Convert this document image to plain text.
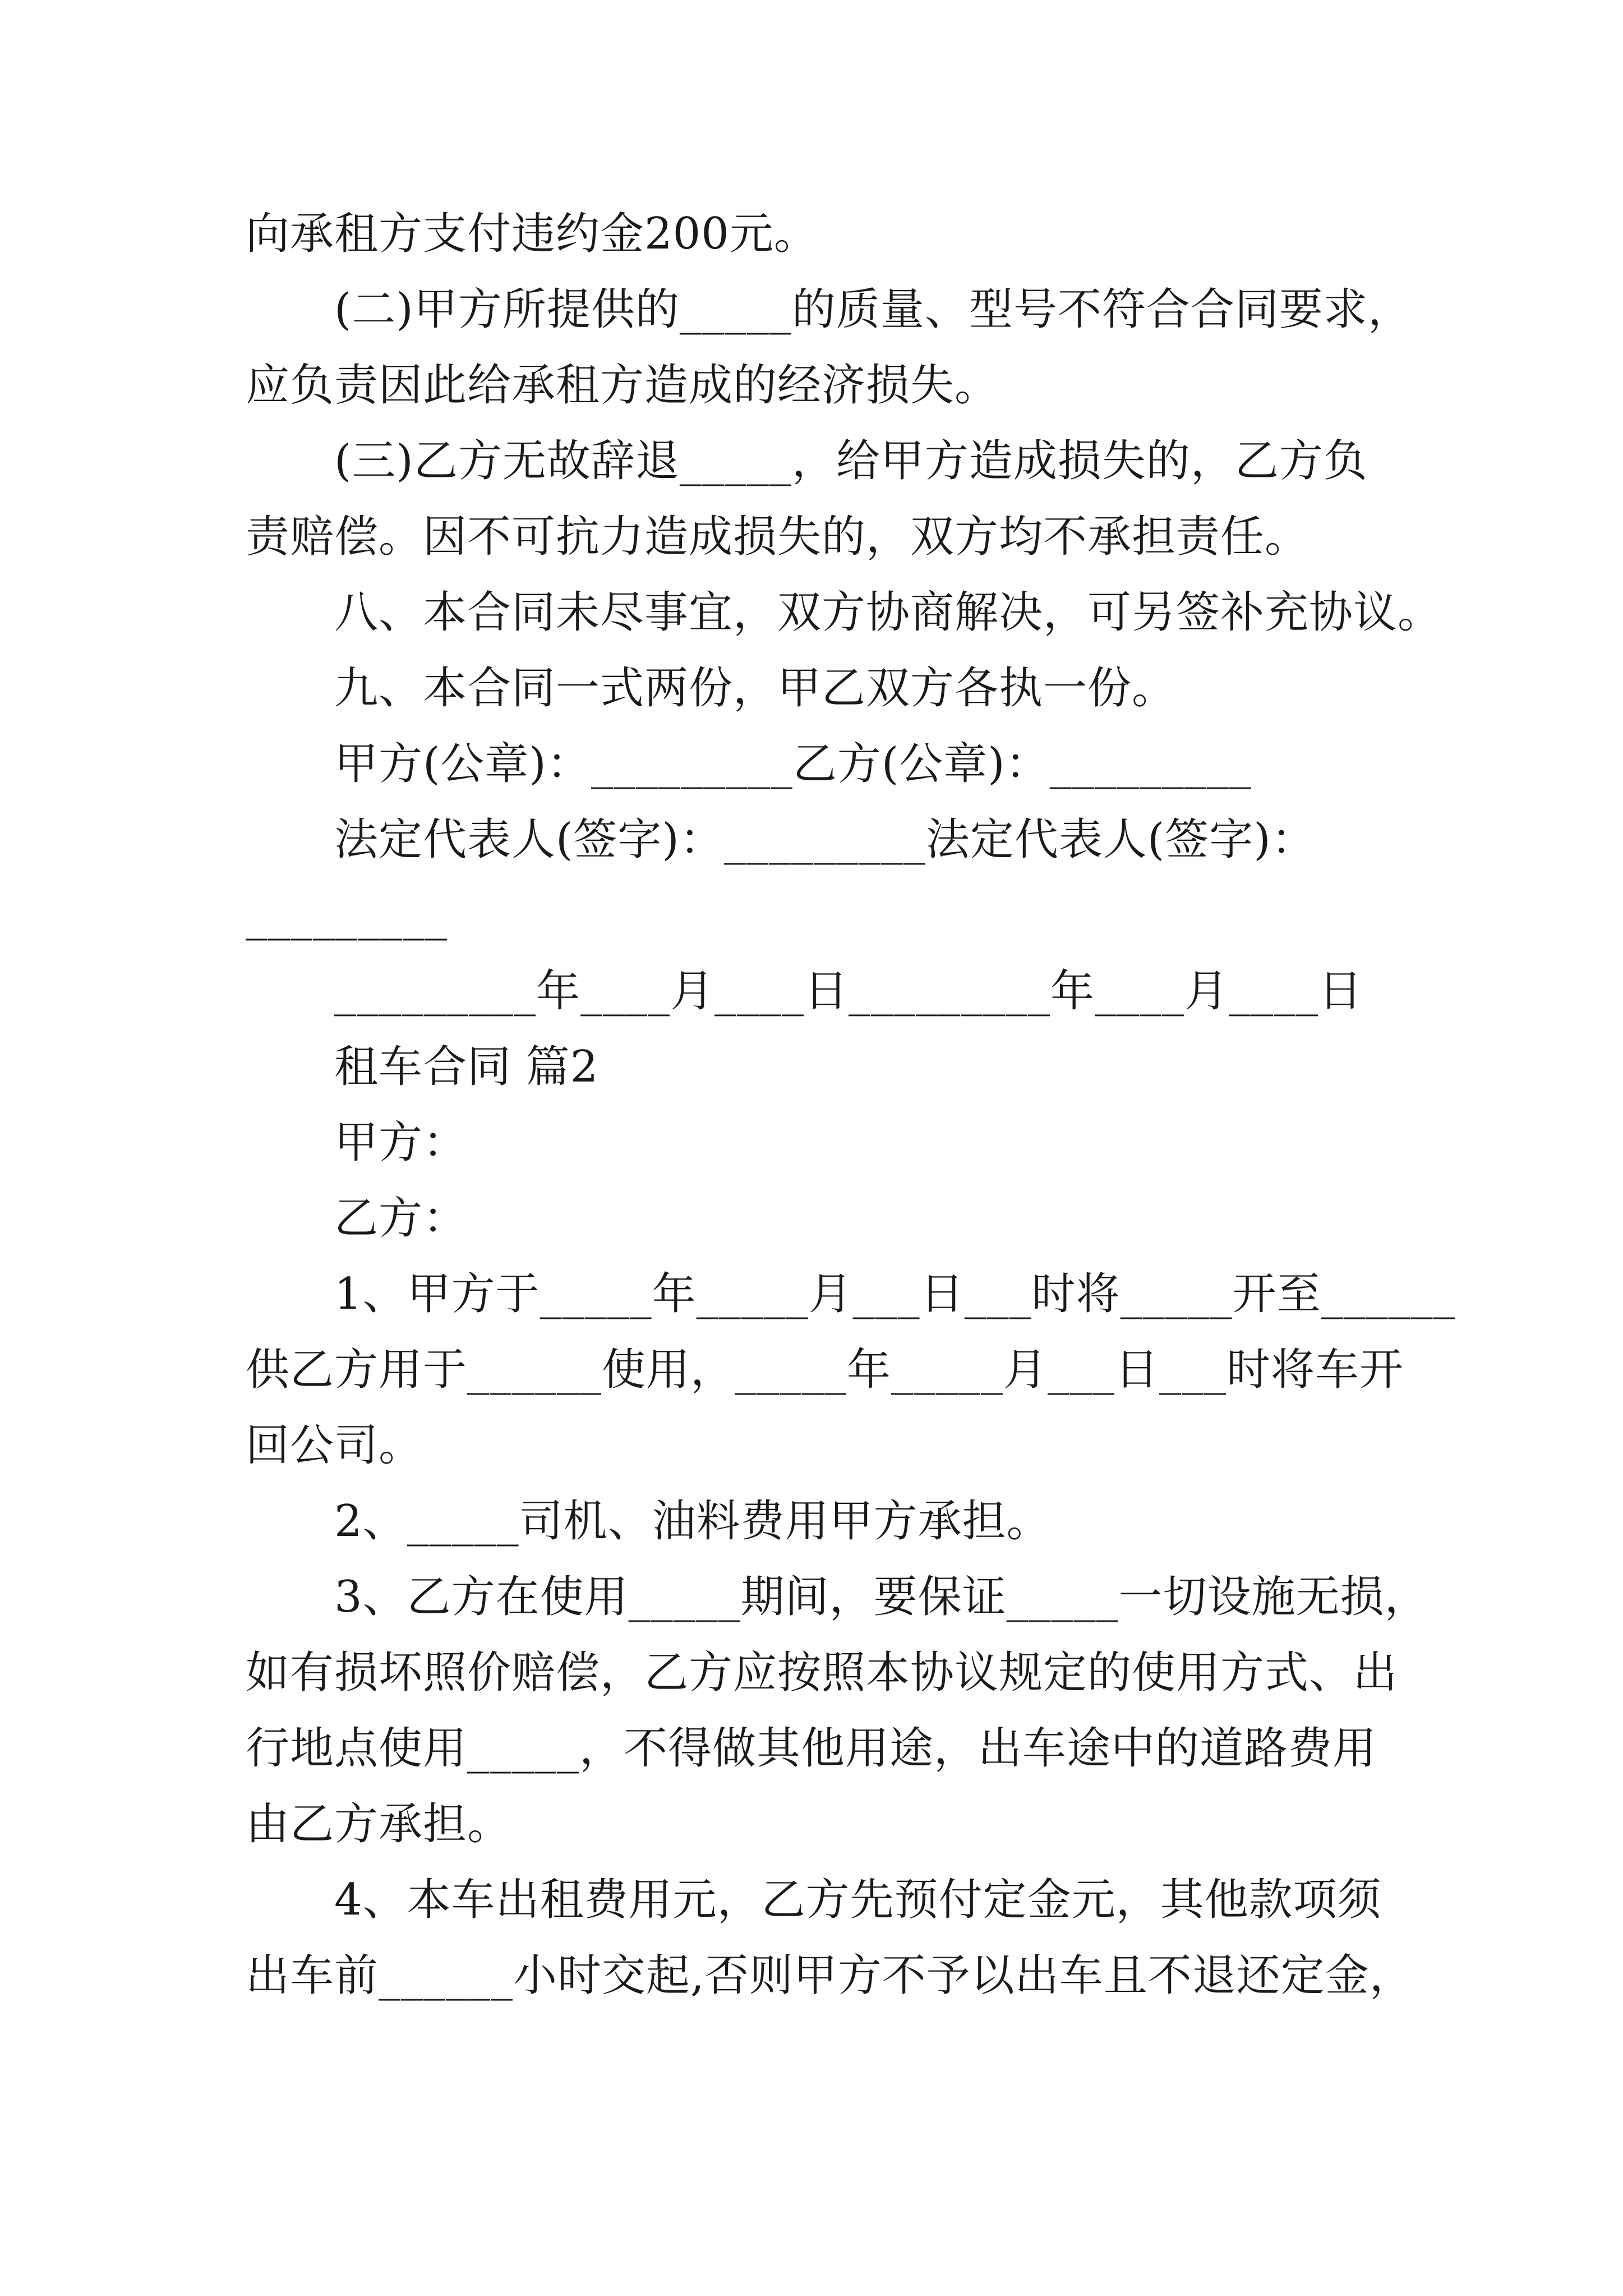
向承租方支付违约金200元。
(二)甲方所提供的_____的质量、型号不符合合同要求，
应负责因此给承租方造成的经济损失。
(三)乙方无故辞退_____，给甲方造成损失的，乙方负
责赔偿。因不可抗力造成损失的，双方均不承担责任。
八、本合同未尽事宜，双方协商解决，可另签补充协议。
九、本合同一式两份，甲乙双方各执一份。
甲方(公章)：_________乙方(公章)：_________
法定代表人(签字)：_________法定代表人(签字)：
_________
_________年____月____日_________年____月____日
租车合同 篇2
甲方：
乙方：
1、甲方于_____年_____月___日___时将_____开至______
供乙方用于______使用，_____年_____月___日___时将车开
回公司。
2、_____司机、油料费用甲方承担。
3、乙方在使用_____期间，要保证_____一切设施无损，
如有损坏照价赔偿，乙方应按照本协议规定的使用方式、出
行地点使用_____，不得做其他用途，出车途中的道路费用
由乙方承担。
4、本车出租费用元，乙方先预付定金元，其他款项须
出车前______小时交起,否则甲方不予以出车且不退还定金，
